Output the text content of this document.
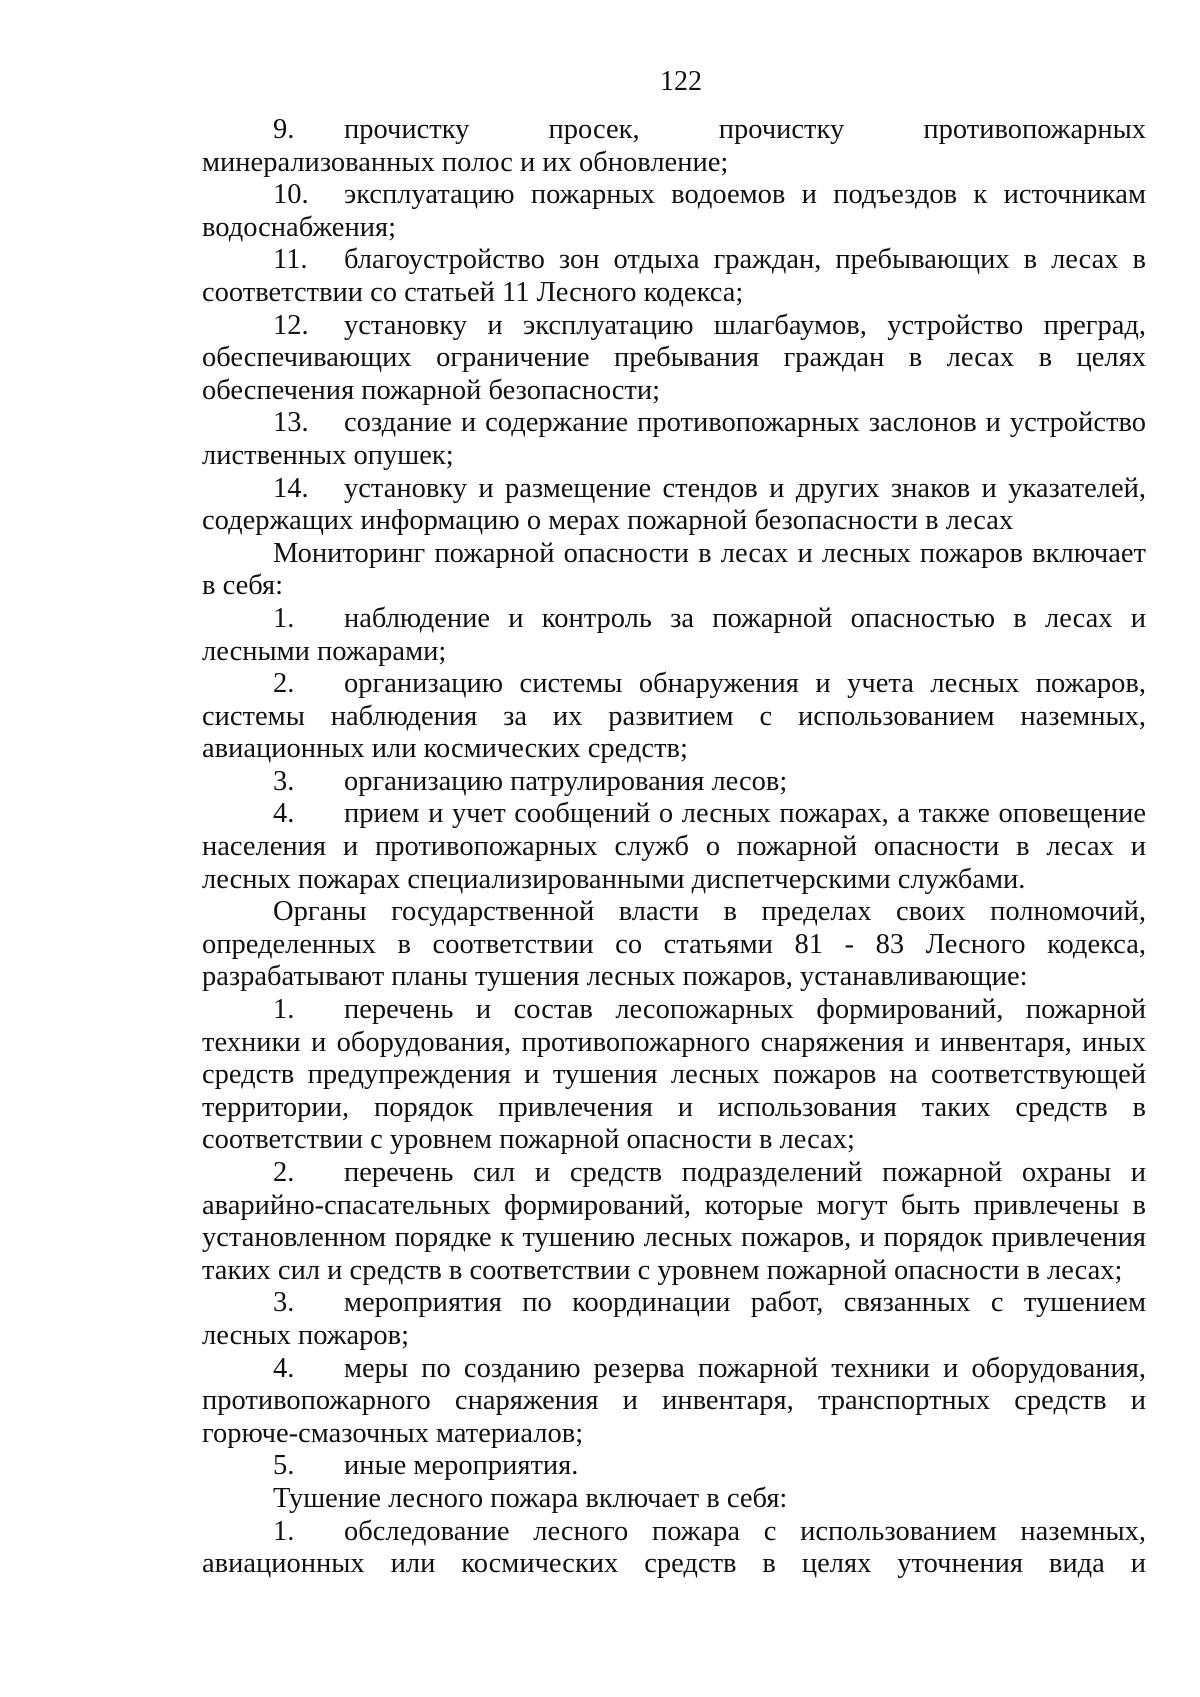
122

9. прочистку просек, прочистку противопожарных минерализованных полос и их обновление;

10. эксплуатацию пожарных водоемов и подъездов к источникам водоснабжения;

11. благоустройство зон отдыха граждан, пребывающих в лесах в соответствии со статьей 11 Лесного кодекса;

12. установку и эксплуатацию шлагбаумов, устройство преград, обеспечивающих ограничение пребывания граждан в лесах в целях обеспечения пожарной безопасности;

13. создание и содержание противопожарных заслонов и устройство лиственных опушек;

14. установку и размещение стендов и других знаков и указателей, содержащих информацию о мерах пожарной безопасности в лесах

Мониторинг пожарной опасности в лесах и лесных пожаров включает в себя:

1. наблюдение и контроль за пожарной опасностью в лесах и лесными пожарами;

2. организацию системы обнаружения и учета лесных пожаров, системы наблюдения за их развитием с использованием наземных, авиационных или космических средств;

3. организацию патрулирования лесов;

4. прием и учет сообщений о лесных пожарах, а также оповещение населения и противопожарных служб о пожарной опасности в лесах и лесных пожарах специализированными диспетчерскими службами.

Органы государственной власти в пределах своих полномочий, определенных в соответствии со статьями 81 - 83 Лесного кодекса, разрабатывают планы тушения лесных пожаров, устанавливающие:

1. перечень и состав лесопожарных формирований, пожарной техники и оборудования, противопожарного снаряжения и инвентаря, иных средств предупреждения и тушения лесных пожаров на соответствующей территории, порядок привлечения и использования таких средств в соответствии с уровнем пожарной опасности в лесах;

2. перечень сил и средств подразделений пожарной охраны и аварийно-спасательных формирований, которые могут быть привлечены в установленном порядке к тушению лесных пожаров, и порядок привлечения таких сил и средств в соответствии с уровнем пожарной опасности в лесах;

3. мероприятия по координации работ, связанных с тушением лесных пожаров;

4. меры по созданию резерва пожарной техники и оборудования, противопожарного снаряжения и инвентаря, транспортных средств и горюче-смазочных материалов;

5. иные мероприятия.

Тушение лесного пожара включает в себя:

1. обследование лесного пожара с использованием наземных, авиационных или космических средств в целях уточнения вида и
